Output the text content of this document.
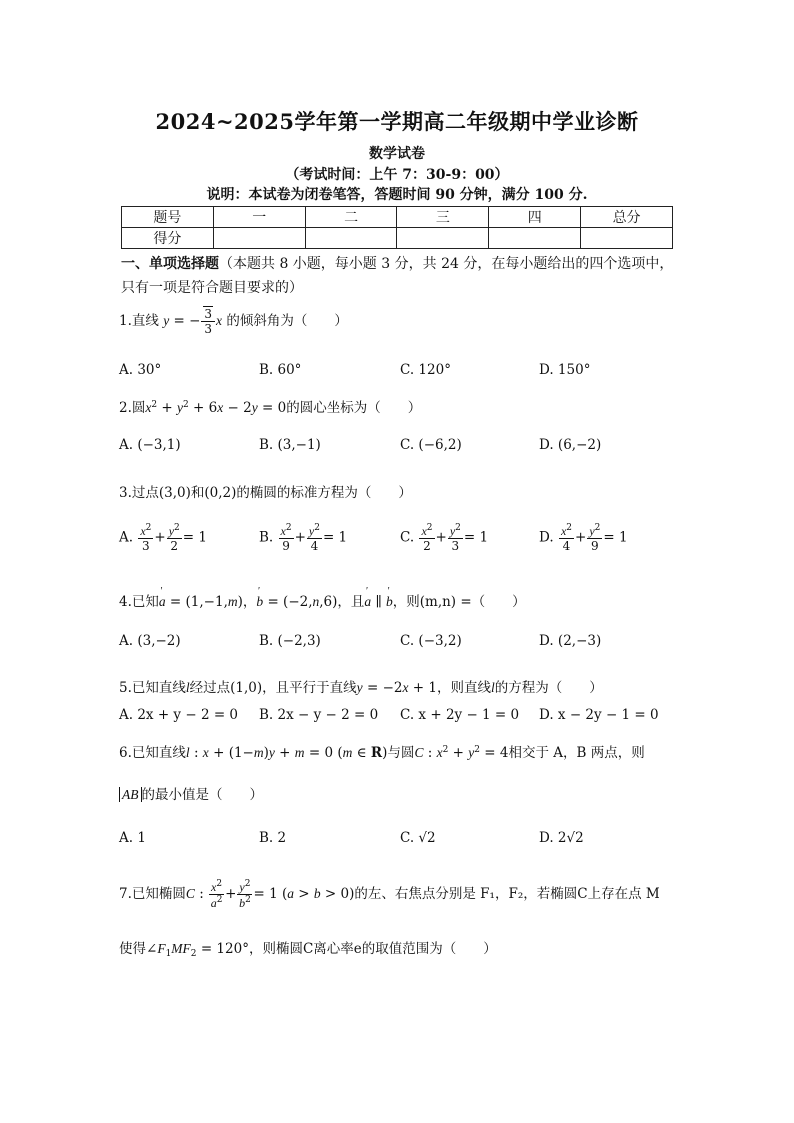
2024~2025学年第一学期高二年级期中学业诊断
数学试卷
（考试时间：上午 7：30-9：00）
说明：本试卷为闭卷笔答，答题时间 90 分钟，满分 100 分.
题号	一	二	三	四	总分
得分					
一、单项选择题（本题共 8 小题，每小题 3 分，共 24 分，在每小题给出的四个选项中，只有一项是符合题目要求的）
1.直线 y = − $\frac{3}{3}$ x 的倾斜角为（　　）
A. 30°	B. 60°	C. 120°	D. 150°
2.圆$x^2 + y^2 + 6x - 2y = 0$的圆心坐标为（　　）
A. (−3,1)	B. (3,−1)	C. (−6,2)	D. (6,−2)
3.过点(3,0)和(0,2)的椭圆的标准方程为（　　）
A. $\frac{x^2}{3} + \frac{y^2}{2} = 1$	B. $\frac{x^2}{9} + \frac{y^2}{4} = 1$	C. $\frac{x^2}{2} + \frac{y^2}{3} = 1$	D. $\frac{x^2}{4} + \frac{y^2}{9} = 1$
4.已知' a = (1,−1,m)，' b = (−2,n,6)，且' a ∥ ' b，则(m,n) =（　　）
A. (3,−2)	B. (−2,3)	C. (−3,2)	D. (2,−3)
5.已知直线l经过点(1,0)，且平行于直线y = −2x + 1，则直线l的方程为（　　）
A. 2x + y − 2 = 0 B. 2x − y − 2 = 0 C. x + 2y − 1 = 0 D. x − 2y − 1 = 0
6.已知直线l : x + (1−m)y + m = 0 (m ∈ R)与圆C : $x^2 + y^2 = 4$相交于 A，B 两点，则
AB 的最小值是（　　）
A. 1	B. 2	C. √2	D. 2√2
7.已知椭圆C : $\frac{x^2}{a^2} + \frac{y^2}{b^2} = 1$ (a > b > 0)的左、右焦点分别是 F₁，F₂，若椭圆C上存在点 M
使得$\angle F_1MF_2 = 120^\circ$，则椭圆C离心率e的取值范围为（　　）
